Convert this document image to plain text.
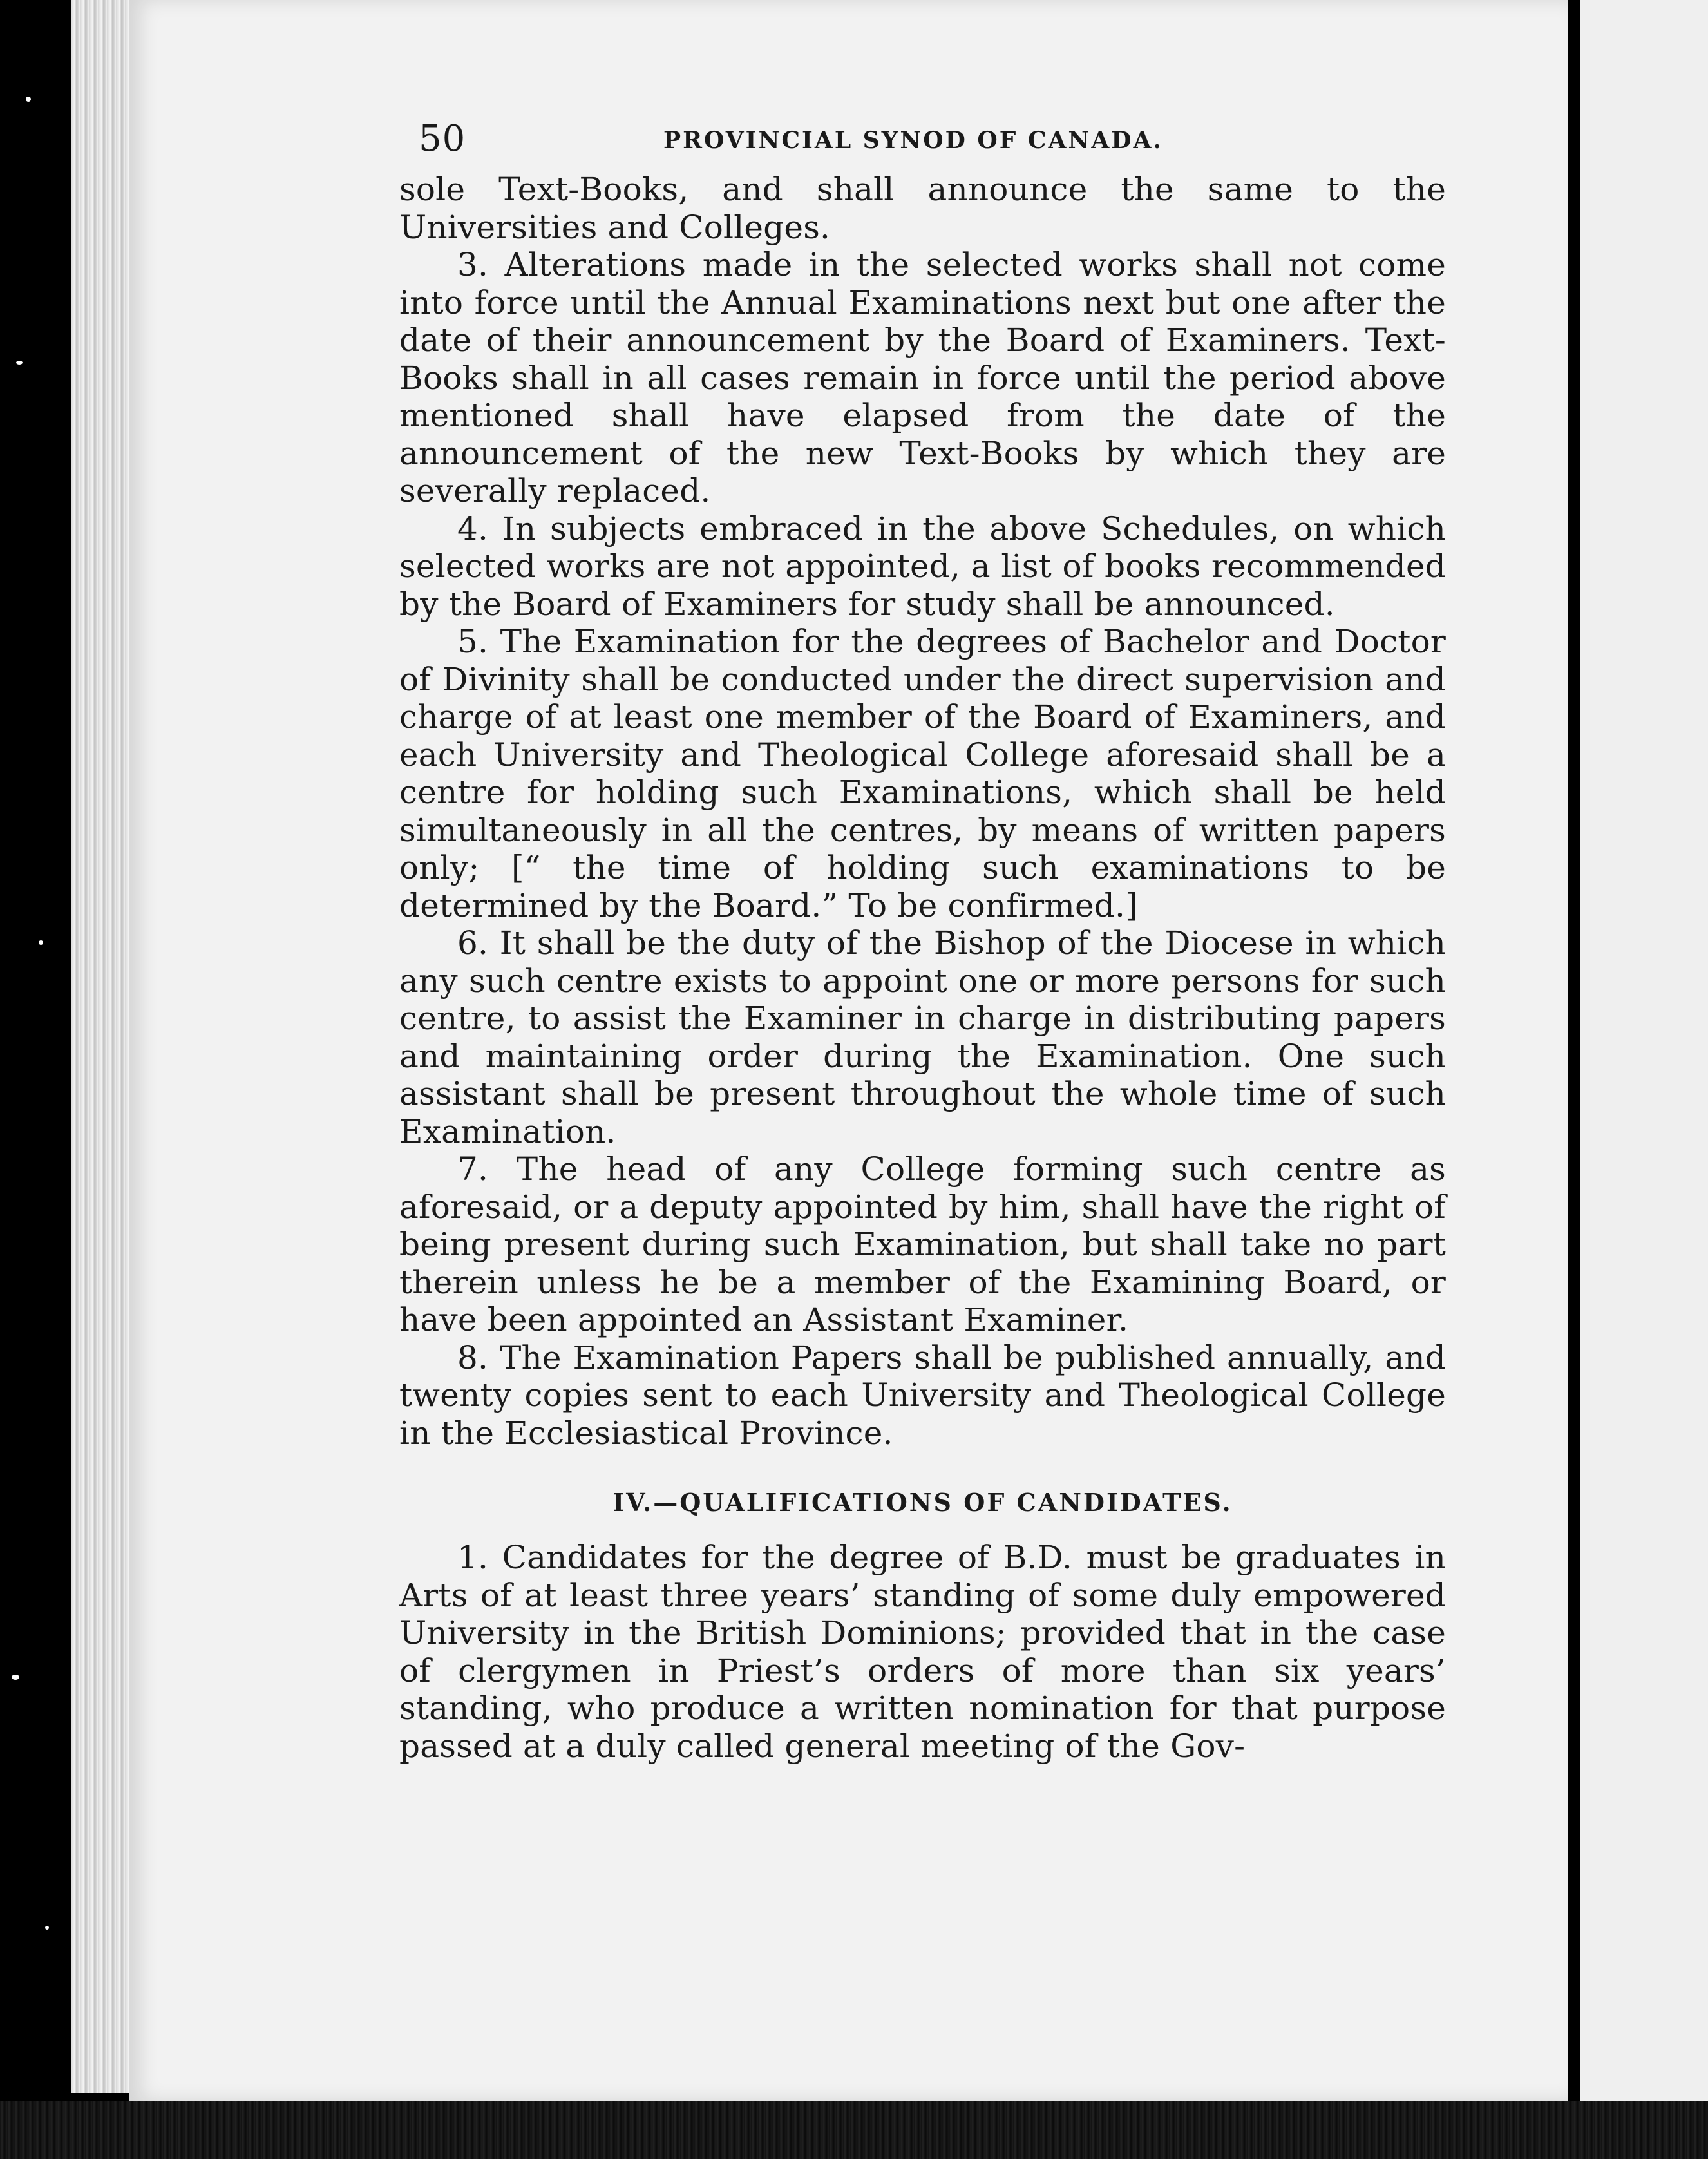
50	PROVINCIAL SYNOD OF CANADA.

sole Text-Books, and shall announce the same to the Universities and Colleges.

3. Alterations made in the selected works shall not come into force until the Annual Examinations next but one after the date of their announcement by the Board of Examiners. Text-Books shall in all cases remain in force until the period above mentioned shall have elapsed from the date of the announcement of the new Text-Books by which they are severally replaced.

4. In subjects embraced in the above Schedules, on which selected works are not appointed, a list of books recommended by the Board of Examiners for study shall be announced.

5. The Examination for the degrees of Bachelor and Doctor of Divinity shall be conducted under the direct supervision and charge of at least one member of the Board of Examiners, and each University and Theological College aforesaid shall be a centre for holding such Examinations, which shall be held simultaneously in all the centres, by means of written papers only; [“ the time of holding such examinations to be determined by the Board.” To be confirmed.]

6. It shall be the duty of the Bishop of the Diocese in which any such centre exists to appoint one or more persons for such centre, to assist the Examiner in charge in distributing papers and maintaining order during the Examination. One such assistant shall be present throughout the whole time of such Examination.

7. The head of any College forming such centre as aforesaid, or a deputy appointed by him, shall have the right of being present during such Examination, but shall take no part therein unless he be a member of the Examining Board, or have been appointed an Assistant Examiner.

8. The Examination Papers shall be published annually, and twenty copies sent to each University and Theological College in the Ecclesiastical Province.

IV.—QUALIFICATIONS OF CANDIDATES.

1. Candidates for the degree of B.D. must be graduates in Arts of at least three years’ standing of some duly empowered University in the British Dominions; provided that in the case of clergymen in Priest’s orders of more than six years’ standing, who produce a written nomination for that purpose passed at a duly called general meeting of the Gov-
